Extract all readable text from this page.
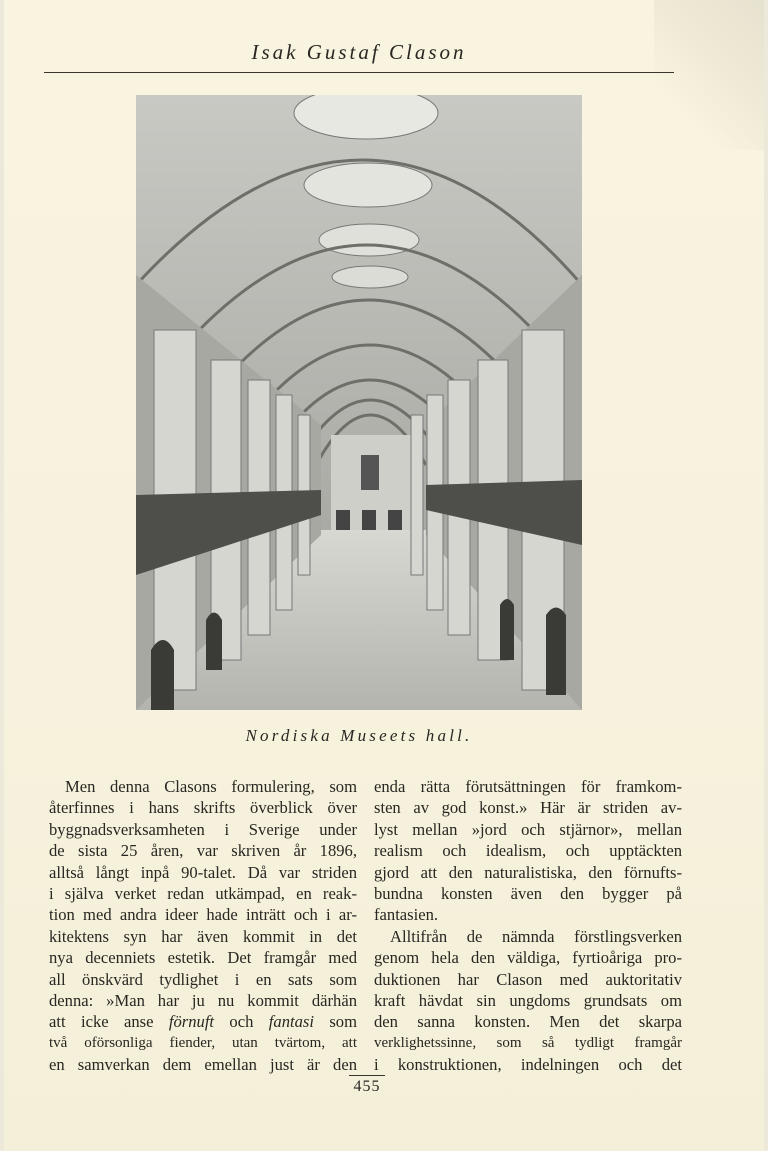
Isak Gustaf Clason
Nordiska Museets hall.
Men denna Clasons formulering, som
återfinnes i hans skrifts överblick över
byggnadsverksamheten i Sverige under
de sista 25 åren, var skriven år 1896,
alltså långt inpå 90-talet. Då var striden
i själva verket redan utkämpad, en reak-
tion med andra ideer hade inträtt och i ar-
kitektens syn har även kommit in det
nya decenniets estetik. Det framgår med
all önskvärd tydlighet i en sats som
denna: »Man har ju nu kommit därhän
att icke anse förnuft och fantasi som
två oförsonliga fiender, utan tvärtom, att
en samverkan dem emellan just är den
enda rätta förutsättningen för framkom-
sten av god konst.» Här är striden av-
lyst mellan »jord och stjärnor», mellan
realism och idealism, och upptäckten
gjord att den naturalistiska, den förnufts-
bundna konsten även den bygger på
fantasien.
Alltifrån de nämnda förstlingsverken
genom hela den väldiga, fyrtioåriga pro-
duktionen har Clason med auktoritativ
kraft hävdat sin ungdoms grundsats om
den sanna konsten. Men det skarpa
verklighetssinne, som så tydligt framgår
i konstruktionen, indelningen och det
455
